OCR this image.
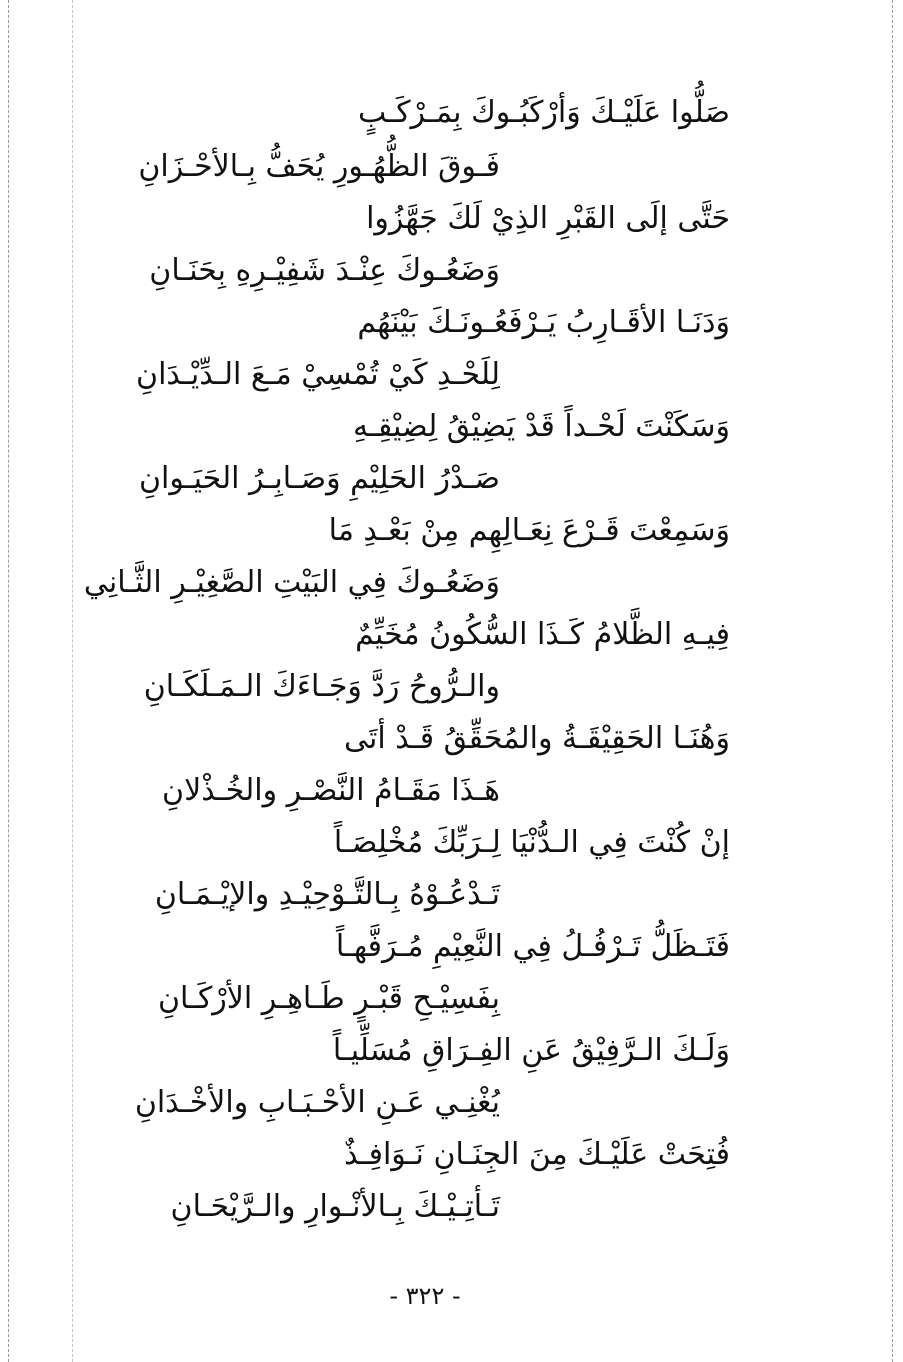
صَلُّوا عَلَيْـكَ وَأرْكَبُـوكَ بِمَـرْكَـبٍ
فَـوقَ الظُّهُـورِ يُحَفُّ بِـالأحْـزَانِ
حَتَّى إلَى القَبْرِ الذِيْ لَكَ جَهَّزُوا
وَضَعُـوكَ عِنْـدَ شَفِيْـرِهِ بِحَنَـانِ
وَدَنَـا الأقَـارِبُ يَـرْفَعُـونَـكَ بَيْنَهُم
لِلَحْـدِ كَيْ تُمْسِيْ مَـعَ الـدِّيْـدَانِ
وَسَكَنْتَ لَحْـداً قَدْ يَضِيْقُ لِضِيْقِـهِ
صَـدْرُ الحَلِيْمِ وَصَـابِـرُ الحَيَـوانِ
وَسَمِعْتَ قَـرْعَ نِعَـالِهِم مِنْ بَعْـدِ مَا
وَضَعُـوكَ فِي البَيْتِ الصَّغِيْـرِ الثَّـانِي
فِيـهِ الظَّلامُ كَـذَا السُّكُونُ مُخَيِّمٌ
والـرُّوحُ رَدَّ وَجَـاءَكَ الـمَـلَكَـانِ
وَهُنَـا الحَقِيْقَـةُ والمُحَقِّقُ قَـدْ أتَى
هَـذَا مَقَـامُ النَّصْـرِ والخُـذْلانِ
إنْ كُنْتَ فِي الـدُّنْيَا لِـرَبِّكَ مُخْلِصَـاً
تَـدْعُـوْهُ بِـالتَّـوْحِيْـدِ والإيْـمَـانِ
فَتَـظَلُّ تَـرْفُـلُ فِي النَّعِيْمِ مُـرَفَّهـاً
بِفَسِيْـحِ قَبْـرٍ طَـاهِـرِ الأرْكَـانِ
وَلَـكَ الـرَّفِيْقُ عَنِ الفِـرَاقِ مُسَلِّيـاً
يُغْنِـي عَـنِ الأحْـبَـابِ والأخْـدَانِ
فُتِحَتْ عَلَيْـكَ مِنَ الجِنَـانِ نَـوَافِـذٌ
تَـأتِـيْـكَ بِـالأنْـوارِ والـرَّيْحَـانِ
- ٣٢٢ -
